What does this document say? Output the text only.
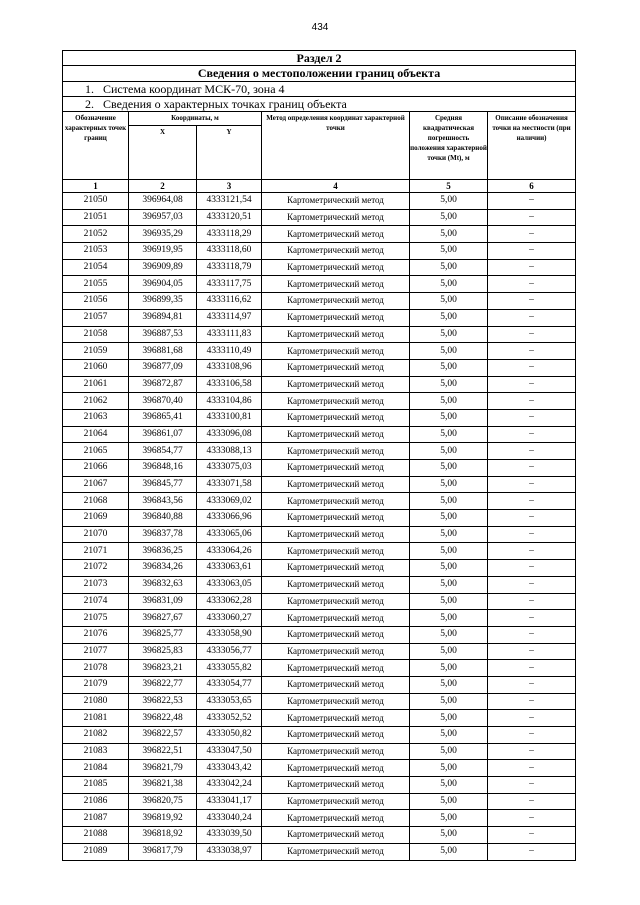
434
Раздел 2					
Сведения о местоположении границ объекта					
1. Система координат МСК-70, зона 4					
2. Сведения о характерных точках границ объекта					
Обозначение характерных точек границ	Координаты, м		Метод определения координат характерной точки	Средняя квадратическая погрешность положения характерной точки (Mt), м	Описание обозначения точки на местности (при наличии)
	X	Y			
1	2	3	4	5	6
21050	396964,08	4333121,54	Картометрический метод	5,00	–
21051	396957,03	4333120,51	Картометрический метод	5,00	–
21052	396935,29	4333118,29	Картометрический метод	5,00	–
21053	396919,95	4333118,60	Картометрический метод	5,00	–
21054	396909,89	4333118,79	Картометрический метод	5,00	–
21055	396904,05	4333117,75	Картометрический метод	5,00	–
21056	396899,35	4333116,62	Картометрический метод	5,00	–
21057	396894,81	4333114,97	Картометрический метод	5,00	–
21058	396887,53	4333111,83	Картометрический метод	5,00	–
21059	396881,68	4333110,49	Картометрический метод	5,00	–
21060	396877,09	4333108,96	Картометрический метод	5,00	–
21061	396872,87	4333106,58	Картометрический метод	5,00	–
21062	396870,40	4333104,86	Картометрический метод	5,00	–
21063	396865,41	4333100,81	Картометрический метод	5,00	–
21064	396861,07	4333096,08	Картометрический метод	5,00	–
21065	396854,77	4333088,13	Картометрический метод	5,00	–
21066	396848,16	4333075,03	Картометрический метод	5,00	–
21067	396845,77	4333071,58	Картометрический метод	5,00	–
21068	396843,56	4333069,02	Картометрический метод	5,00	–
21069	396840,88	4333066,96	Картометрический метод	5,00	–
21070	396837,78	4333065,06	Картометрический метод	5,00	–
21071	396836,25	4333064,26	Картометрический метод	5,00	–
21072	396834,26	4333063,61	Картометрический метод	5,00	–
21073	396832,63	4333063,05	Картометрический метод	5,00	–
21074	396831,09	4333062,28	Картометрический метод	5,00	–
21075	396827,67	4333060,27	Картометрический метод	5,00	–
21076	396825,77	4333058,90	Картометрический метод	5,00	–
21077	396825,83	4333056,77	Картометрический метод	5,00	–
21078	396823,21	4333055,82	Картометрический метод	5,00	–
21079	396822,77	4333054,77	Картометрический метод	5,00	–
21080	396822,53	4333053,65	Картометрический метод	5,00	–
21081	396822,48	4333052,52	Картометрический метод	5,00	–
21082	396822,57	4333050,82	Картометрический метод	5,00	–
21083	396822,51	4333047,50	Картометрический метод	5,00	–
21084	396821,79	4333043,42	Картометрический метод	5,00	–
21085	396821,38	4333042,24	Картометрический метод	5,00	–
21086	396820,75	4333041,17	Картометрический метод	5,00	–
21087	396819,92	4333040,24	Картометрический метод	5,00	–
21088	396818,92	4333039,50	Картометрический метод	5,00	–
21089	396817,79	4333038,97	Картометрический метод	5,00	–
